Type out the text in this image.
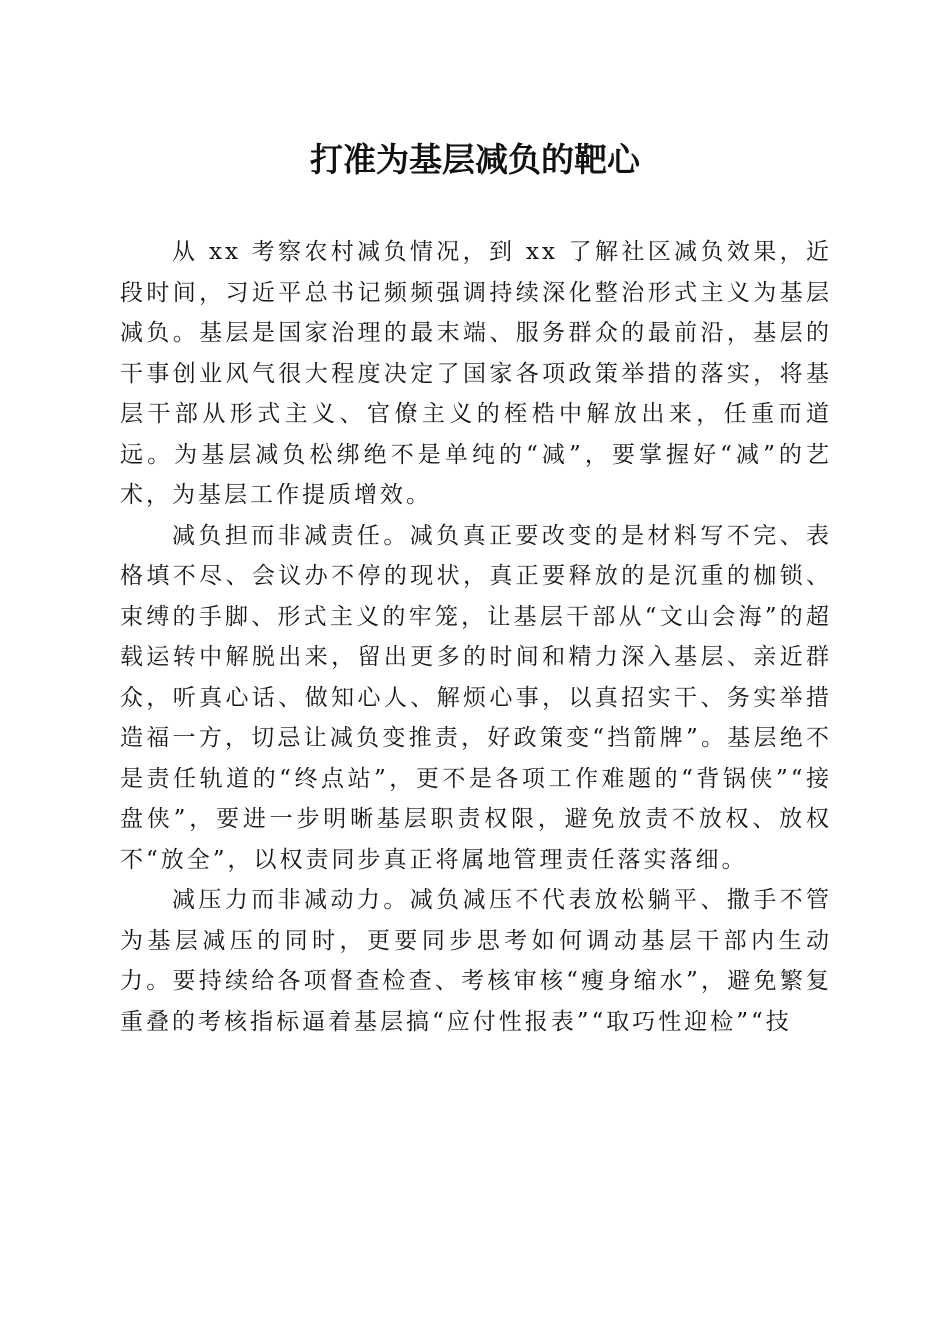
打准为基层减负的靶心

从 xx 考察农村减负情况，到 xx 了解社区减负效果，近段时间，习近平总书记频频强调持续深化整治形式主义为基层减负。基层是国家治理的最末端、服务群众的最前沿，基层的干事创业风气很大程度决定了国家各项政策举措的落实，将基层干部从形式主义、官僚主义的桎梏中解放出来，任重而道远。为基层减负松绑绝不是单纯的“减”，要掌握好“减”的艺术，为基层工作提质增效。

减负担而非减责任。减负真正要改变的是材料写不完、表格填不尽、会议办不停的现状，真正要释放的是沉重的枷锁、束缚的手脚、形式主义的牢笼，让基层干部从“文山会海”的超载运转中解脱出来，留出更多的时间和精力深入基层、亲近群众，听真心话、做知心人、解烦心事，以真招实干、务实举措造福一方，切忌让减负变推责，好政策变“挡箭牌”。基层绝不是责任轨道的“终点站”，更不是各项工作难题的“背锅侠”“接盘侠”，要进一步明晰基层职责权限，避免放责不放权、放权不“放全”，以权责同步真正将属地管理责任落实落细。

减压力而非减动力。减负减压不代表放松躺平、撒手不管为基层减压的同时，更要同步思考如何调动基层干部内生动力。要持续给各项督查检查、考核审核“瘦身缩水”，避免繁复重叠的考核指标逼着基层搞“应付性报表”“取巧性迎检”“技
